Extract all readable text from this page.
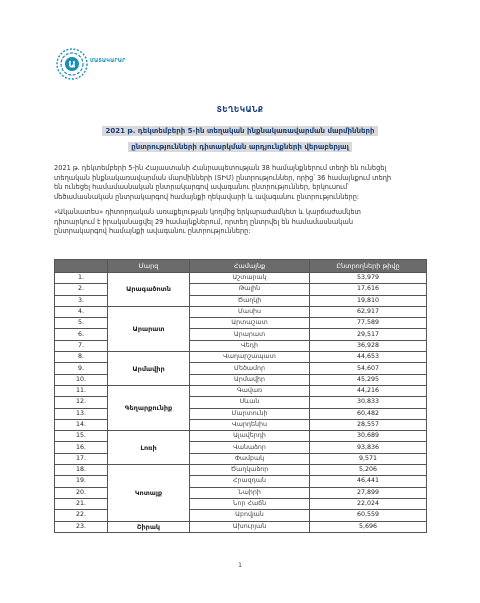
Ա	ՄԱՏԱԿԱՐԱՐ
ՏԵՂԵԿԱՆՔ
2021 թ. դեկտեմբերի 5-ին տեղական ինքնակառավարման մարմինների
ընտրությունների դիտարկման արդյունքների վերաբերյալ
2021 թ. դեկտեմբերի 5-ին Հայաստանի Հանրապետության 38 համայնքներում տեղի են ունեցել
տեղական ինքնակառավարման մարմինների (ՏԻՄ) ընտրություններ, որից՝ 36 համայնքում տեղի
են ունեցել համամասնական ընտրակարգով ավագանու ընտրություններ, երկուսում՝
մեծամասնական ընտրակարգով համայնքի ղեկավարի և ավագանու ընտրությունները:
«Ականատես» դիտորդական առաքելության կողմից երկարաժամկետ և կարճաժամկետ
դիտարկում է իրականացվել 29 համայնքներում, որտեղ ընտրվել են համամասնական
ընտրակարգով համայնքի ավագանու ընտրությունները:
	Մարզ	Համայնք	Ընտրողների թիվը
1.	Արագածոտն	Աշտարակ	53,979
2.		Թալին	17,616
3.		Ծաղկի	19,810
4.	Արարատ	Մասիս	62,917
5.		Արտաշատ	77,589
6.		Արարատ	29,517
7.		Վեդի	36,928
8.	Արմավիր	Վաղարշապատ	44,653
9.		Մեծամոր	54,607
10.		Արմավիր	45,295
11.	Գեղարքունիք	Գավառ	44,216
12.		Սևան	30,833
13.		Մարտունի	60,482
14.		Վարդենիս	28,557
15.	Լոռի	Ալավերդի	30,689
16.		Վանաձոր	93,836
17.		Փամբակ	9,571
18.	Կոտայք	Ծաղկաձոր	5,206
19.		Հրազդան	46,441
20.		Նաիրի	27,899
21.		Նոր Հաճն	22,024
22.		Աբովյան	60,559
23.	Շիրակ	Ախուրյան	5,696
1
